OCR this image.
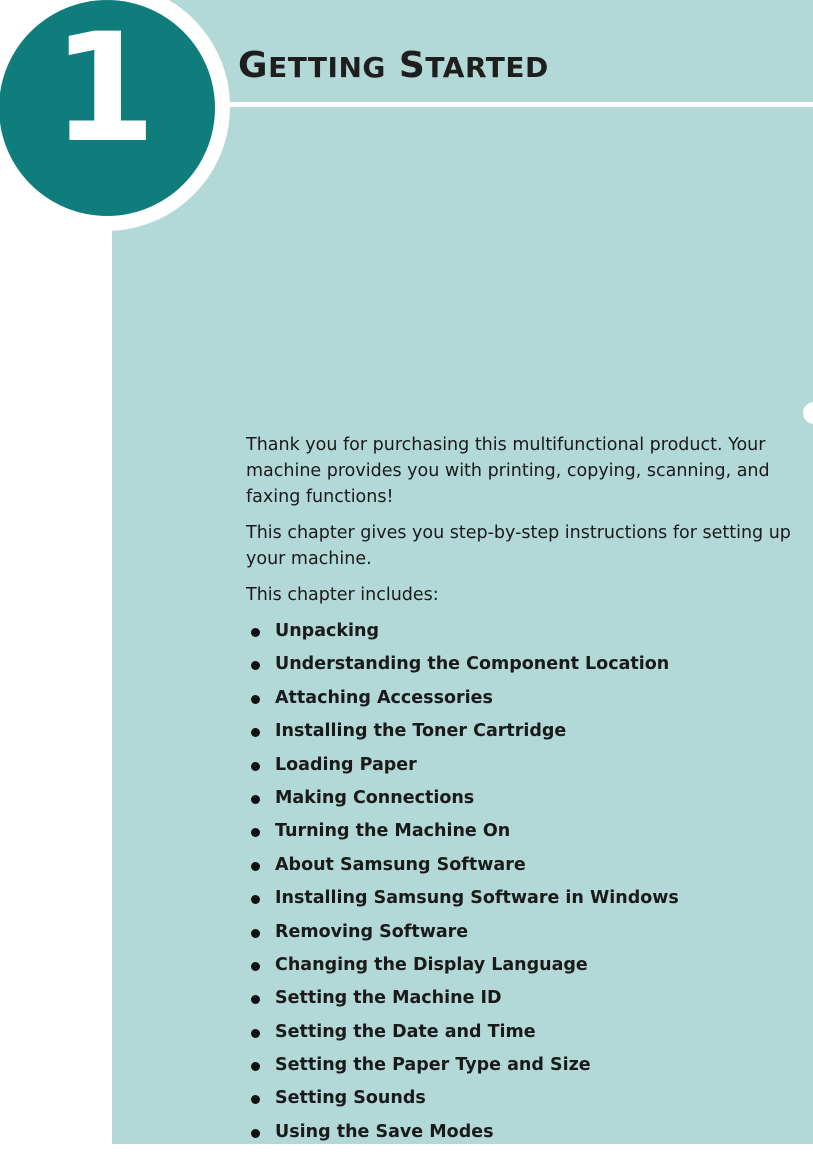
1	GETTING STARTED

Thank you for purchasing this multifunctional product. Your machine provides you with printing, copying, scanning, and faxing functions!

This chapter gives you step-by-step instructions for setting up your machine.

This chapter includes:

Unpacking
Understanding the Component Location
Attaching Accessories
Installing the Toner Cartridge
Loading Paper
Making Connections
Turning the Machine On
About Samsung Software
Installing Samsung Software in Windows
Removing Software
Changing the Display Language
Setting the Machine ID
Setting the Date and Time
Setting the Paper Type and Size
Setting Sounds
Using the Save Modes
